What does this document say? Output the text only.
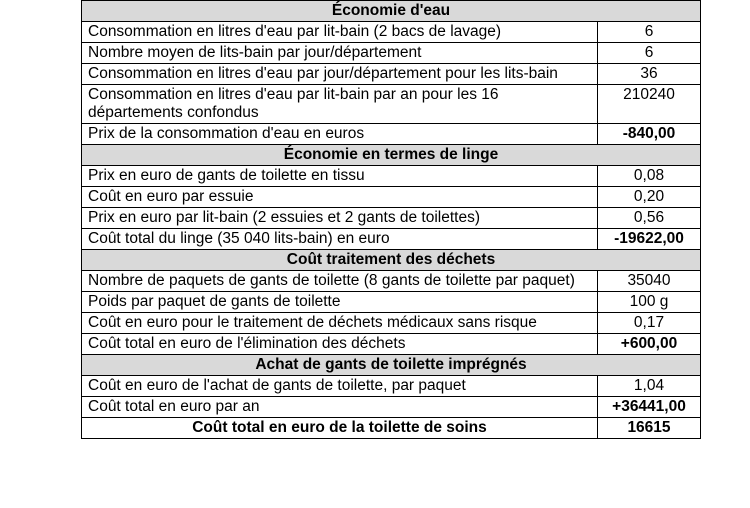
Économie d'eau	
Consommation en litres d'eau par lit-bain (2 bacs de lavage)	6
Nombre moyen de lits-bain par jour/département	6
Consommation en litres d'eau par jour/département pour les lits-bain	36
Consommation en litres d'eau par lit-bain par an pour les 16 départements confondus	210240
Prix de la consommation d'eau en euros	-840,00
Économie en termes de linge	
Prix en euro de gants de toilette en tissu	0,08
Coût en euro par essuie	0,20
Prix en euro par lit-bain (2 essuies et 2 gants de toilettes)	0,56
Coût total du linge (35 040 lits-bain) en euro	-19622,00
Coût traitement des déchets	
Nombre de paquets de gants de toilette (8 gants de toilette par paquet)	35040
Poids par paquet de gants de toilette	100 g
Coût en euro pour le traitement de déchets médicaux sans risque	0,17
Coût total en euro de l'élimination des déchets	+600,00
Achat de gants de toilette imprégnés	
Coût en euro de l'achat de gants de toilette, par paquet	1,04
Coût total en euro par an	+36441,00
Coût total en euro de la toilette de soins	16615
